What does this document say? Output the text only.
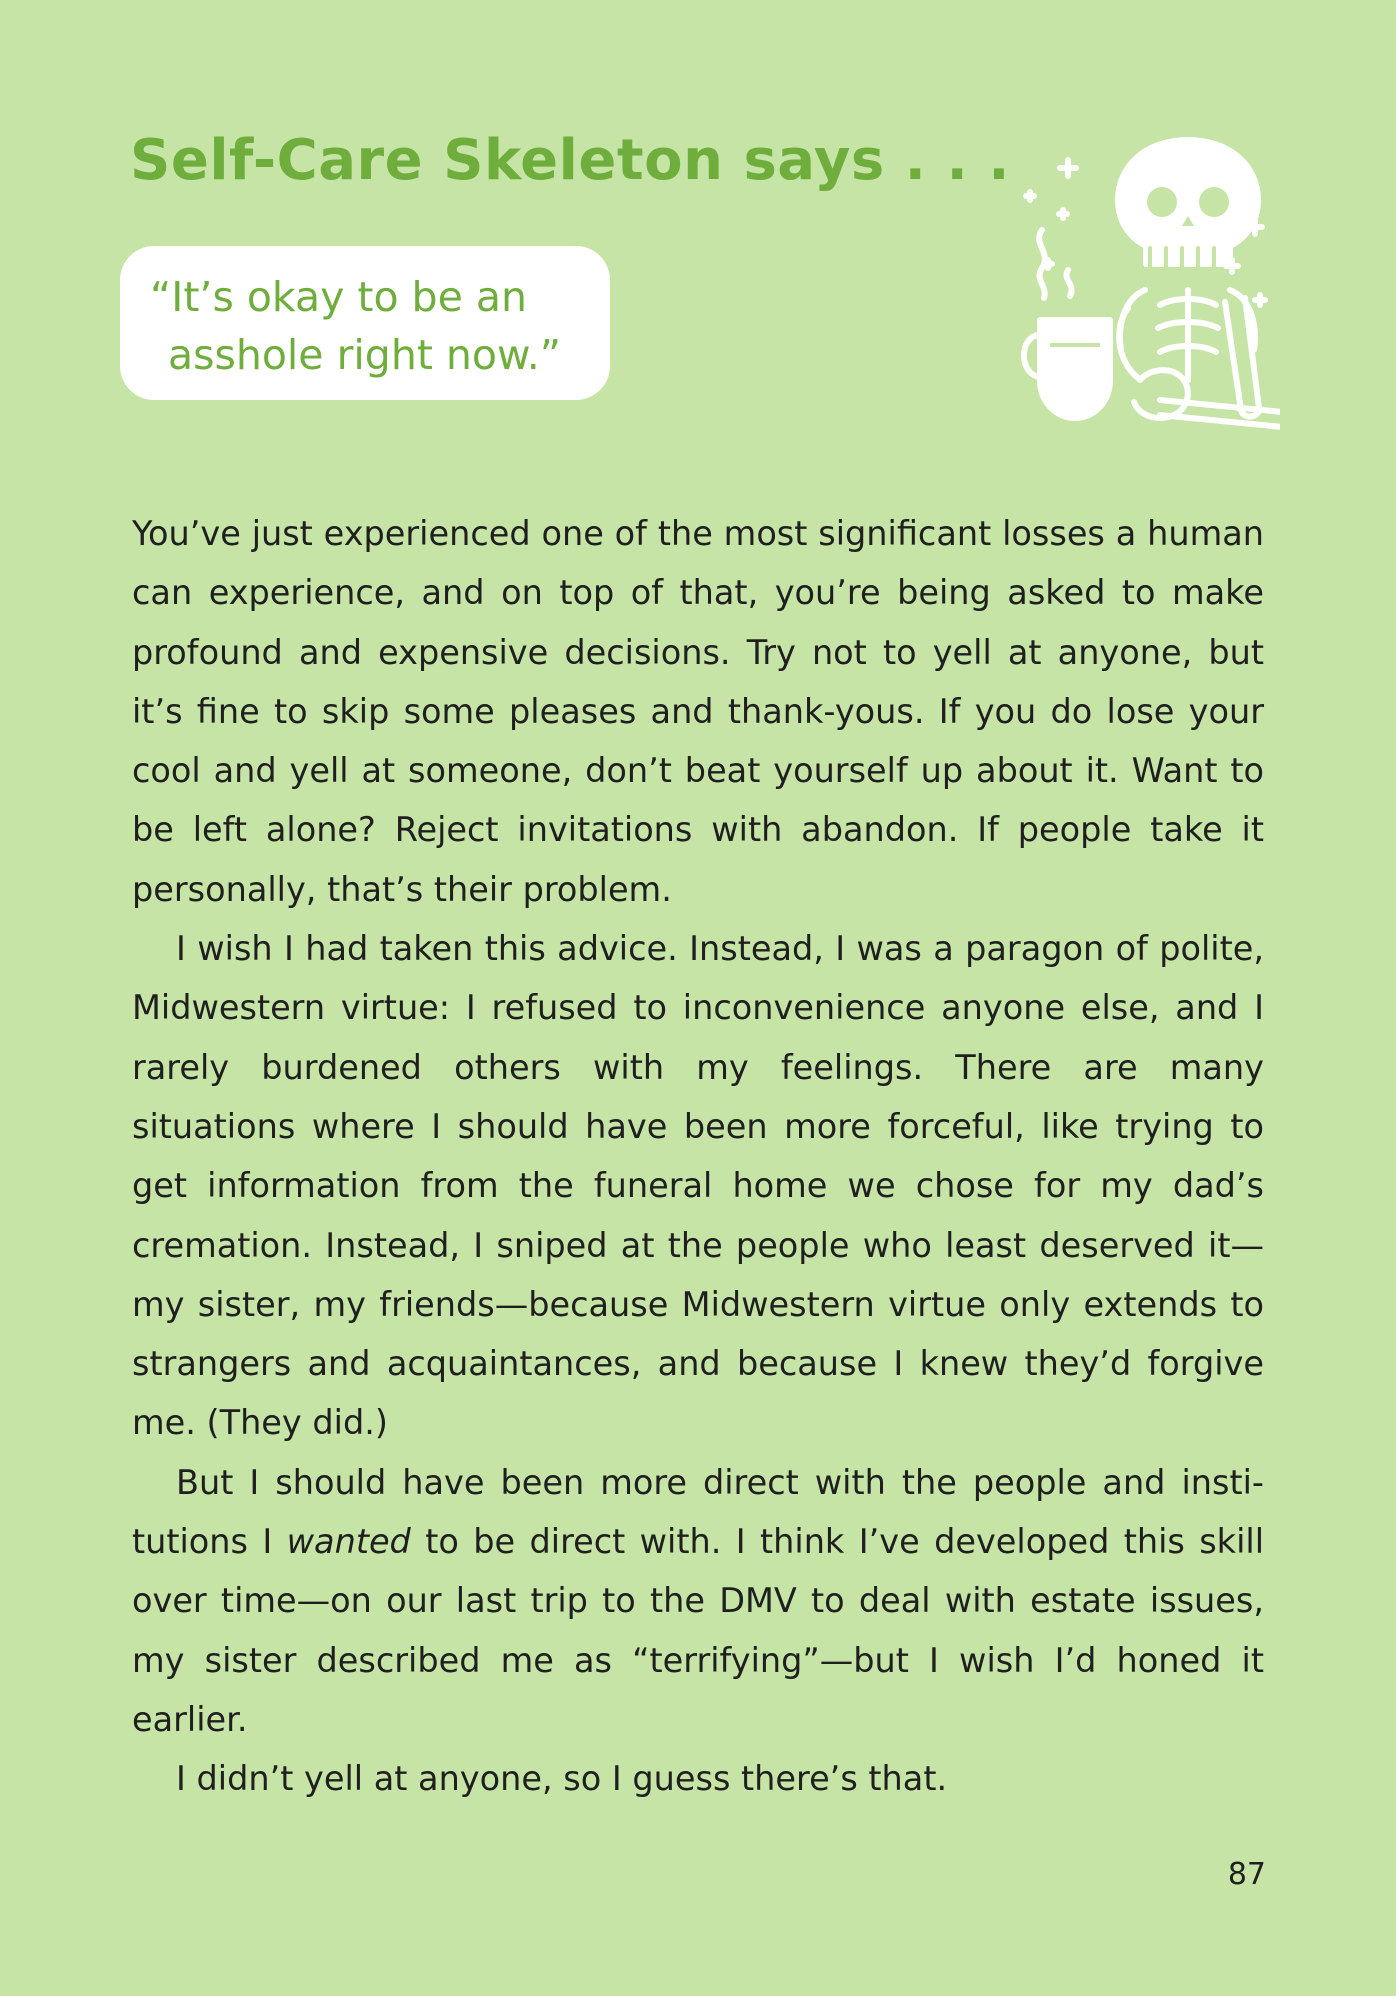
Self-Care Skeleton says . . .
“It’s okay to be an
asshole right now.”

You’ve just experienced one of the most significant losses a human can experience, and on top of that, you’re being asked to make profound and expensive decisions. Try not to yell at anyone, but it’s fine to skip some pleases and thank-yous. If you do lose your cool and yell at someone, don’t beat yourself up about it. Want to be left alone? Reject invitations with abandon. If people take it personally, that’s their problem.

I wish I had taken this advice. Instead, I was a paragon of polite, Midwestern virtue: I refused to inconvenience anyone else, and I rarely burdened others with my feelings. There are many situations where I should have been more forceful, like trying to get information from the funeral home we chose for my dad’s cremation. Instead, I sniped at the people who least deserved it—my sister, my friends—because Midwestern virtue only extends to strangers and acquaintances, and because I knew they’d forgive me. (They did.)

But I should have been more direct with the people and institutions I wanted to be direct with. I think I’ve developed this skill over time—on our last trip to the DMV to deal with estate issues, my sister described me as “terrifying”—but I wish I’d honed it earlier.

I didn’t yell at anyone, so I guess there’s that.

87
